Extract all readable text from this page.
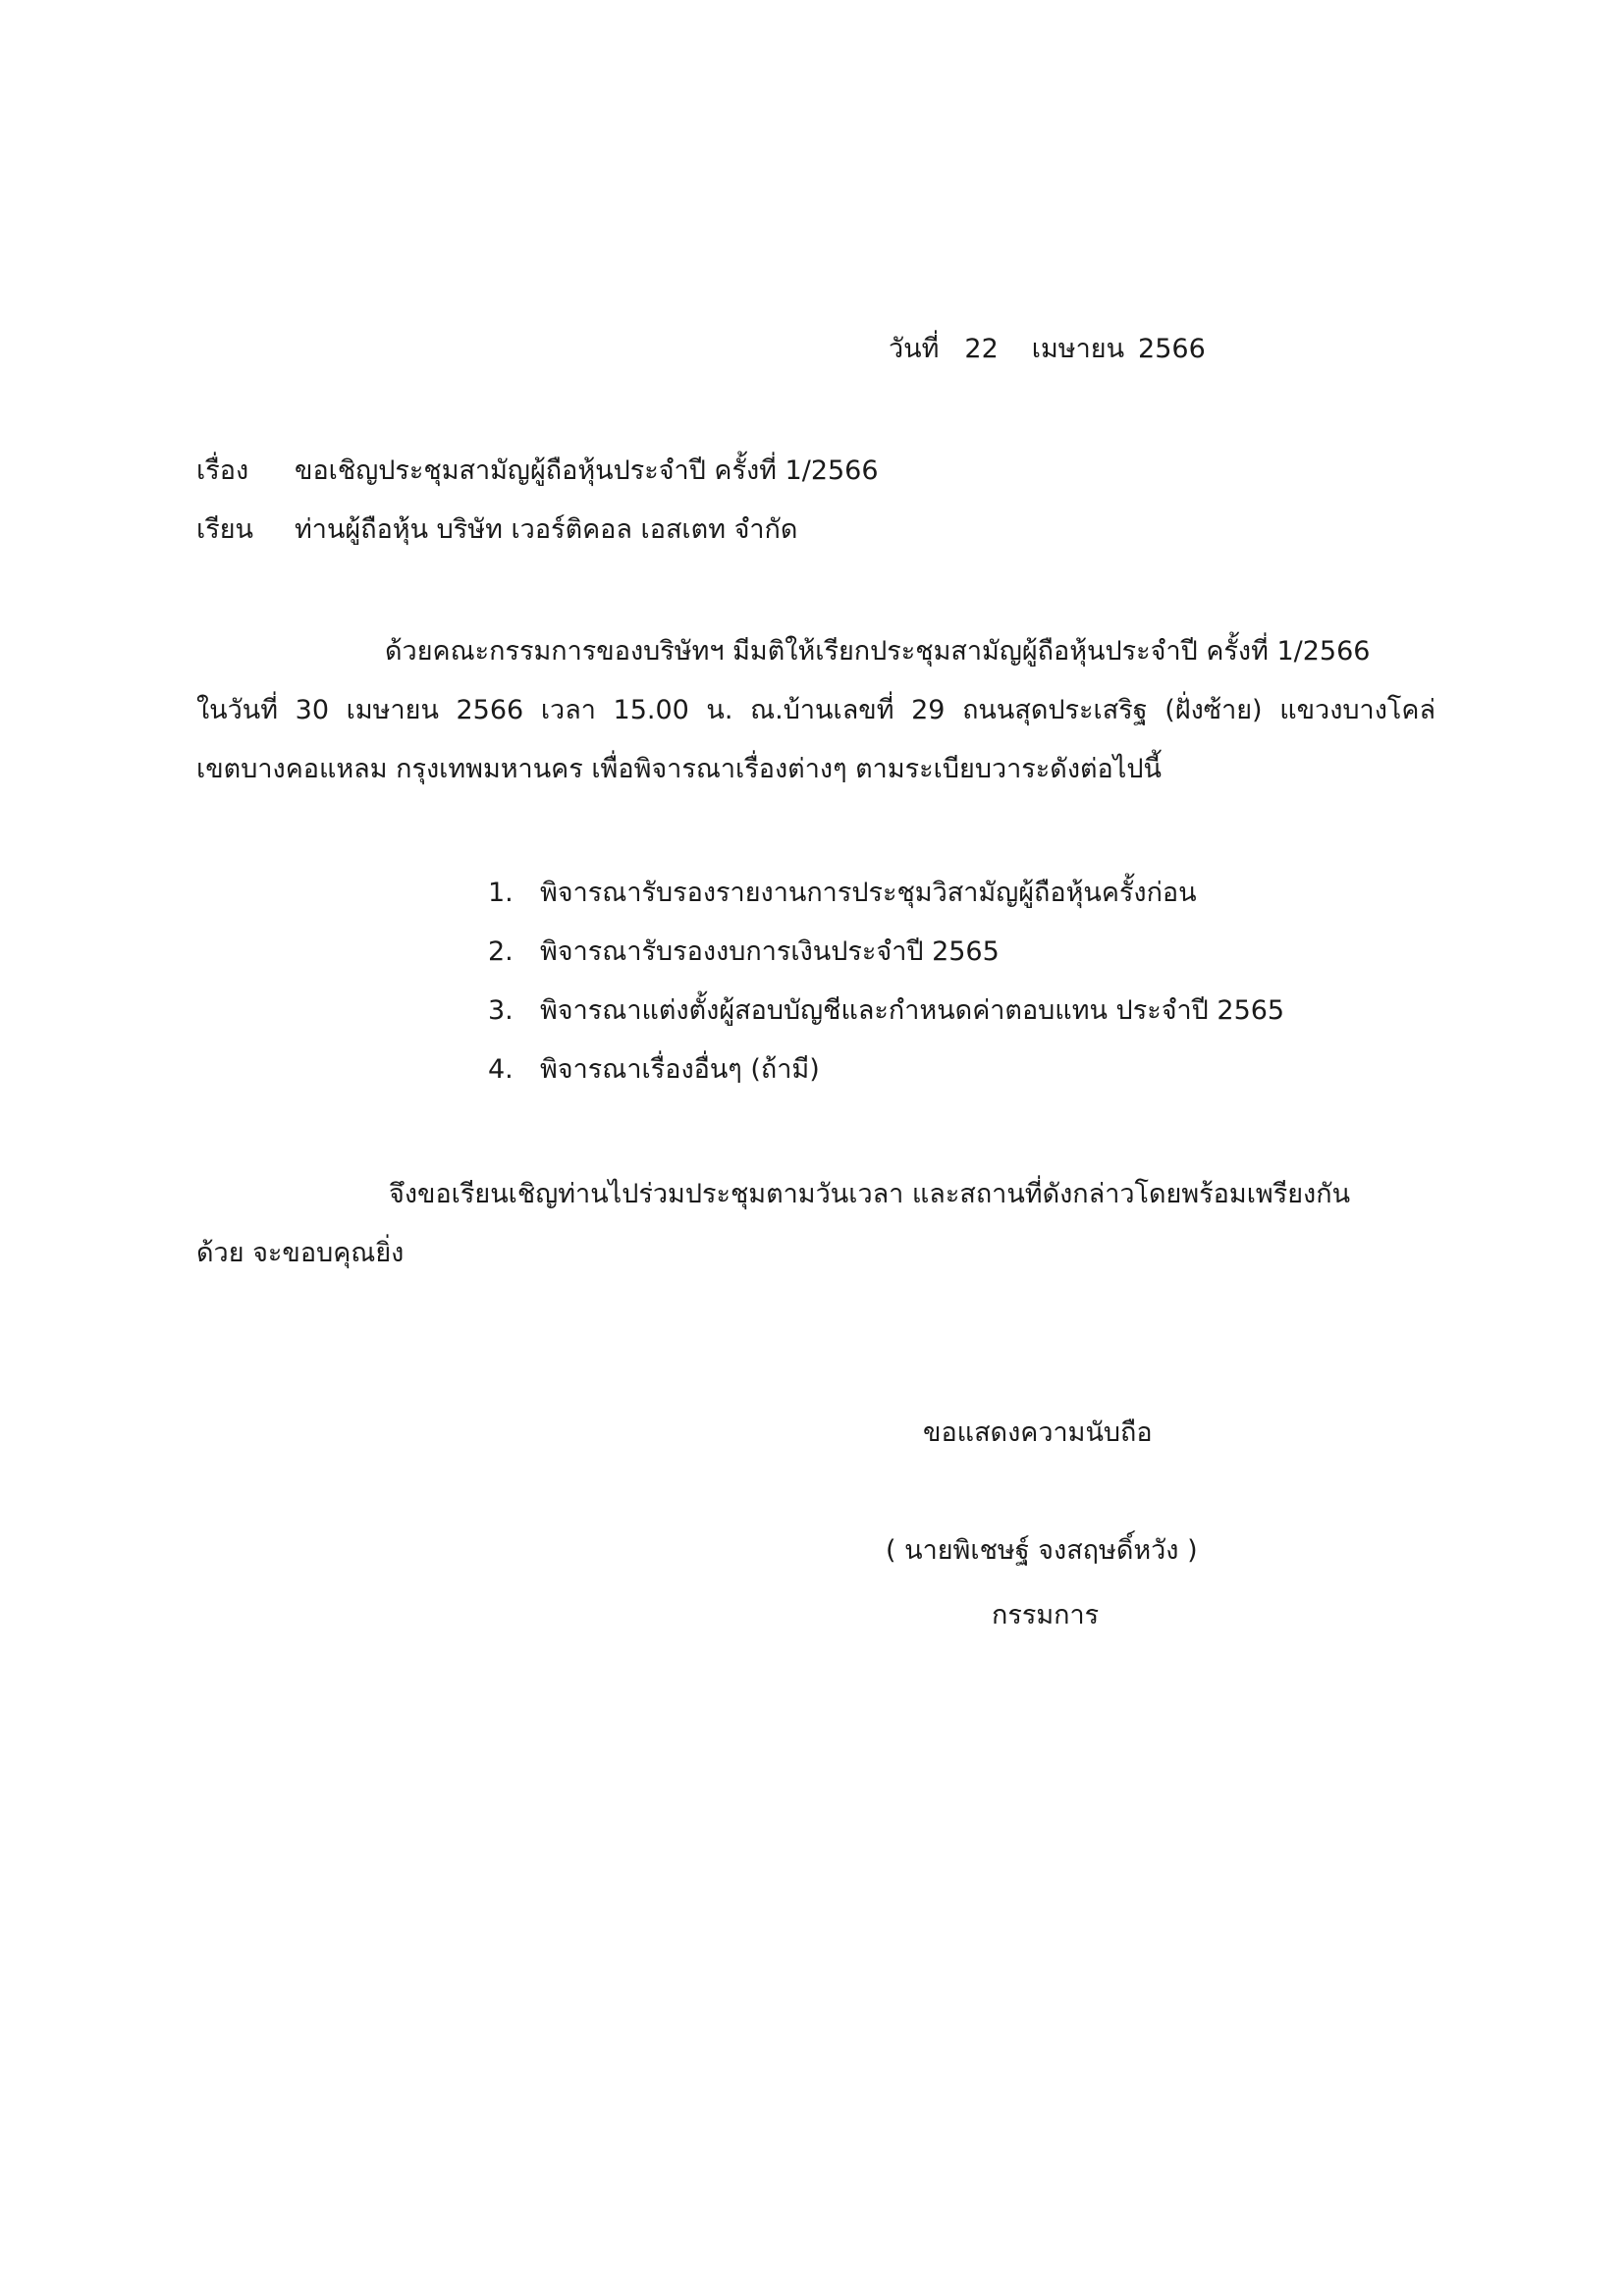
วันที่ 22 เมษายน 2566
เรื่อง ขอเชิญประชุมสามัญผู้ถือหุ้นประจำปี ครั้งที่ 1/2566
เรียน ท่านผู้ถือหุ้น บริษัท เวอร์ติคอล เอสเตท จำกัด
ด้วยคณะกรรมการของบริษัทฯ มีมติให้เรียกประชุมสามัญผู้ถือหุ้นประจำปี ครั้งที่ 1/2566
ในวันที่ 30 เมษายน 2566 เวลา 15.00 น. ณ.บ้านเลขที่ 29 ถนนสุดประเสริฐ (ฝั่งซ้าย) แขวงบางโคล่
เขตบางคอแหลม กรุงเทพมหานคร เพื่อพิจารณาเรื่องต่างๆ ตามระเบียบวาระดังต่อไปนี้
1. พิจารณารับรองรายงานการประชุมวิสามัญผู้ถือหุ้นครั้งก่อน
2. พิจารณารับรองงบการเงินประจำปี 2565
3. พิจารณาแต่งตั้งผู้สอบบัญชีและกำหนดค่าตอบแทน ประจำปี 2565
4. พิจารณาเรื่องอื่นๆ (ถ้ามี)
จึงขอเรียนเชิญท่านไปร่วมประชุมตามวันเวลา และสถานที่ดังกล่าวโดยพร้อมเพรียงกัน
ด้วย จะขอบคุณยิ่ง
ขอแสดงความนับถือ
( นายพิเชษฐ์ จงสฤษดิ์หวัง )
กรรมการ
